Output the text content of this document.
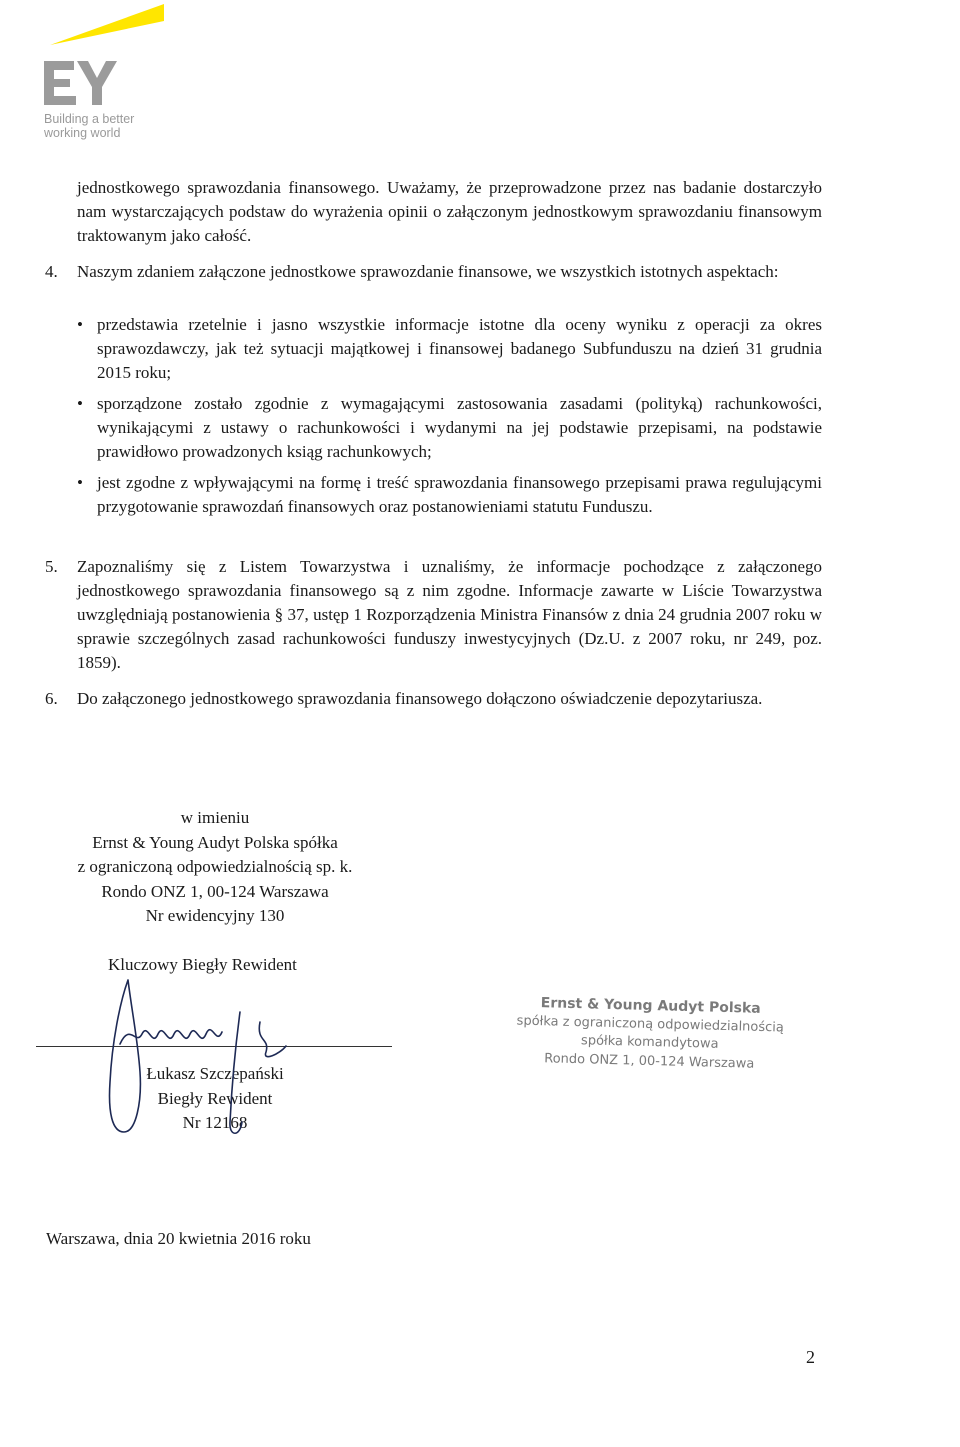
Building a better
working world
jednostkowego sprawozdania finansowego. Uważamy, że przeprowadzone przez nas badanie dostarczyło nam wystarczających podstaw do wyrażenia opinii o załączonym jednostkowym sprawozdaniu finansowym traktowanym jako całość.
4.	Naszym zdaniem załączone jednostkowe sprawozdanie finansowe, we wszystkich istotnych aspektach:
• przedstawia rzetelnie i jasno wszystkie informacje istotne dla oceny wyniku z operacji za okres sprawozdawczy, jak też sytuacji majątkowej i finansowej badanego Subfunduszu na dzień 31 grudnia 2015 roku;
• sporządzone zostało zgodnie z wymagającymi zastosowania zasadami (polityką) rachunkowości, wynikającymi z ustawy o rachunkowości i wydanymi na jej podstawie przepisami, na podstawie prawidłowo prowadzonych ksiąg rachunkowych;
• jest zgodne z wpływającymi na formę i treść sprawozdania finansowego przepisami prawa regulującymi przygotowanie sprawozdań finansowych oraz postanowieniami statutu Funduszu.
5.	Zapoznaliśmy się z Listem Towarzystwa i uznaliśmy, że informacje pochodzące z załączonego jednostkowego sprawozdania finansowego są z nim zgodne. Informacje zawarte w Liście Towarzystwa uwzględniają postanowienia § 37, ustęp 1 Rozporządzenia Ministra Finansów z dnia 24 grudnia 2007 roku w sprawie szczególnych zasad rachunkowości funduszy inwestycyjnych (Dz.U. z 2007 roku, nr 249, poz. 1859).
6.	Do załączonego jednostkowego sprawozdania finansowego dołączono oświadczenie depozytariusza.
w imieniu
Ernst & Young Audyt Polska spółka
z ograniczoną odpowiedzialnością sp. k.
Rondo ONZ 1, 00-124 Warszawa
Nr ewidencyjny 130
Kluczowy Biegły Rewident
Łukasz Szczepański
Biegły Rewident
Nr 12168
Ernst & Young Audyt Polska
spółka z ograniczoną odpowiedzialnością
spółka komandytowa
Rondo ONZ 1, 00-124 Warszawa
Warszawa, dnia 20 kwietnia 2016 roku
2
